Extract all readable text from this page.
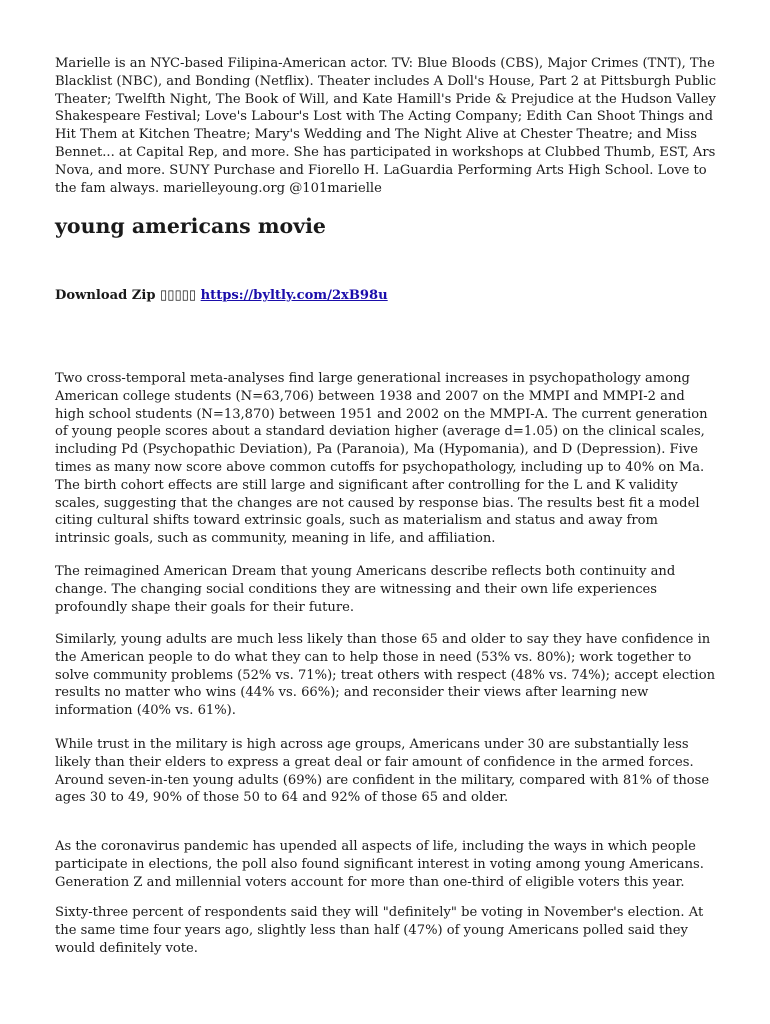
Marielle is an NYC-based Filipina-American actor. TV: Blue Bloods (CBS), Major Crimes (TNT), The Blacklist (NBC), and Bonding (Netflix). Theater includes A Doll's House, Part 2 at Pittsburgh Public Theater; Twelfth Night, The Book of Will, and Kate Hamill's Pride & Prejudice at the Hudson Valley Shakespeare Festival; Love's Labour's Lost with The Acting Company; Edith Can Shoot Things and Hit Them at Kitchen Theatre; Mary's Wedding and The Night Alive at Chester Theatre; and Miss Bennet... at Capital Rep, and more. She has participated in workshops at Clubbed Thumb, EST, Ars Nova, and more. SUNY Purchase and Fiorello H. LaGuardia Performing Arts High School. Love to the fam always. marielleyoung.org @101marielle

young americans movie
Download Zip ▯▯▯▯▯ https://byltly.com/2xB98u

Two cross-temporal meta-analyses find large generational increases in psychopathology among American college students (N=63,706) between 1938 and 2007 on the MMPI and MMPI-2 and high school students (N=13,870) between 1951 and 2002 on the MMPI-A. The current generation of young people scores about a standard deviation higher (average d=1.05) on the clinical scales, including Pd (Psychopathic Deviation), Pa (Paranoia), Ma (Hypomania), and D (Depression). Five times as many now score above common cutoffs for psychopathology, including up to 40% on Ma. The birth cohort effects are still large and significant after controlling for the L and K validity scales, suggesting that the changes are not caused by response bias. The results best fit a model citing cultural shifts toward extrinsic goals, such as materialism and status and away from intrinsic goals, such as community, meaning in life, and affiliation.

The reimagined American Dream that young Americans describe reflects both continuity and change. The changing social conditions they are witnessing and their own life experiences profoundly shape their goals for their future.

Similarly, young adults are much less likely than those 65 and older to say they have confidence in the American people to do what they can to help those in need (53% vs. 80%); work together to solve community problems (52% vs. 71%); treat others with respect (48% vs. 74%); accept election results no matter who wins (44% vs. 66%); and reconsider their views after learning new information (40% vs. 61%).

While trust in the military is high across age groups, Americans under 30 are substantially less likely than their elders to express a great deal or fair amount of confidence in the armed forces. Around seven-in-ten young adults (69%) are confident in the military, compared with 81% of those ages 30 to 49, 90% of those 50 to 64 and 92% of those 65 and older.

As the coronavirus pandemic has upended all aspects of life, including the ways in which people participate in elections, the poll also found significant interest in voting among young Americans. Generation Z and millennial voters account for more than one-third of eligible voters this year.

Sixty-three percent of respondents said they will "definitely" be voting in November's election. At the same time four years ago, slightly less than half (47%) of young Americans polled said they would definitely vote.
